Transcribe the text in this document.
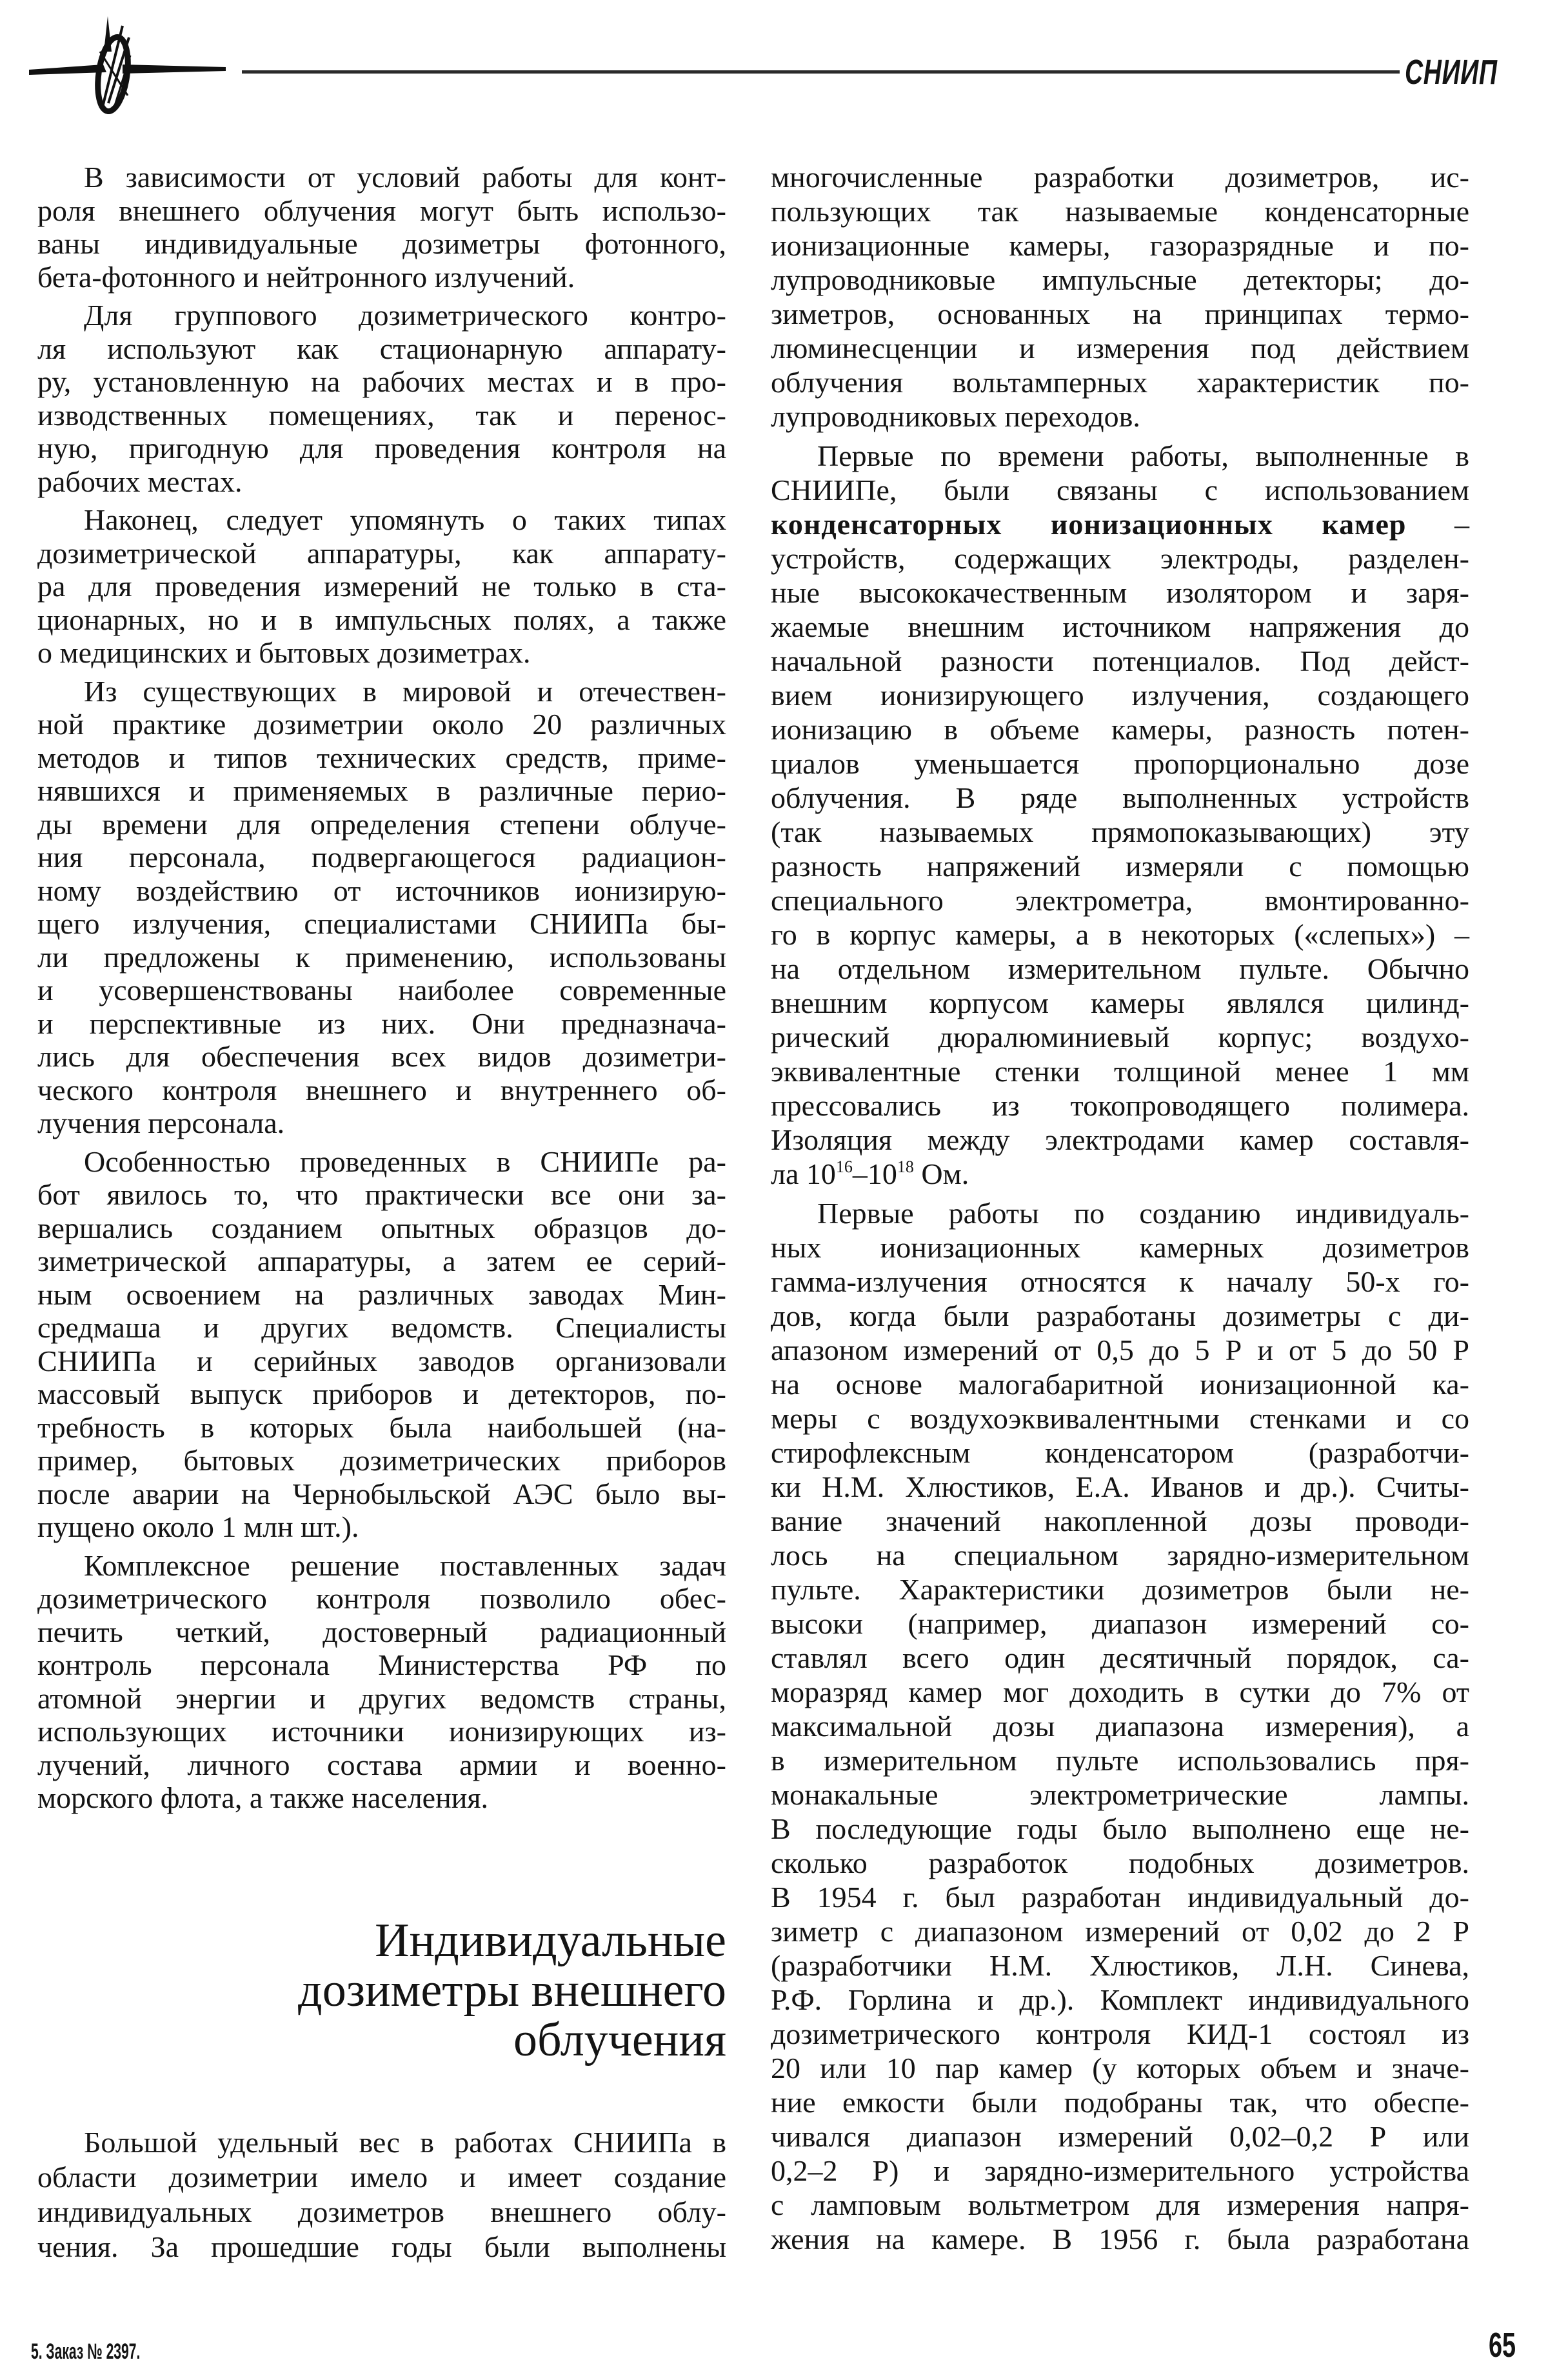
СНИИП
В зависимости от условий работы для конт-
роля внешнего облучения могут быть использо-
ваны индивидуальные дозиметры фотонного,
бета-фотонного и нейтронного излучений.
Для группового дозиметрического контро-
ля используют как стационарную аппарату-
ру, установленную на рабочих местах и в про-
изводственных помещениях, так и перенос-
ную, пригодную для проведения контроля на
рабочих местах.
Наконец, следует упомянуть о таких типах
дозиметрической аппаратуры, как аппарату-
ра для проведения измерений не только в ста-
ционарных, но и в импульсных полях, а также
о медицинских и бытовых дозиметрах.
Из существующих в мировой и отечествен-
ной практике дозиметрии около 20 различных
методов и типов технических средств, приме-
нявшихся и применяемых в различные перио-
ды времени для определения степени облуче-
ния персонала, подвергающегося радиацион-
ному воздействию от источников ионизирую-
щего излучения, специалистами СНИИПа бы-
ли предложены к применению, использованы
и усовершенствованы наиболее современные
и перспективные из них. Они предназнача-
лись для обеспечения всех видов дозиметри-
ческого контроля внешнего и внутреннего об-
лучения персонала.
Особенностью проведенных в СНИИПе ра-
бот явилось то, что практически все они за-
вершались созданием опытных образцов до-
зиметрической аппаратуры, а затем ее серий-
ным освоением на различных заводах Мин-
средмаша и других ведомств. Специалисты
СНИИПа и серийных заводов организовали
массовый выпуск приборов и детекторов, по-
требность в которых была наибольшей (на-
пример, бытовых дозиметрических приборов
после аварии на Чернобыльской АЭС было вы-
пущено около 1 млн шт.).
Комплексное решение поставленных задач
дозиметрического контроля позволило обес-
печить четкий, достоверный радиационный
контроль персонала Министерства РФ по
атомной энергии и других ведомств страны,
использующих источники ионизирующих из-
лучений, личного состава армии и военно-
морского флота, а также населения.
Индивидуальные
дозиметры внешнего
облучения
Большой удельный вес в работах СНИИПа в
области дозиметрии имело и имеет создание
индивидуальных дозиметров внешнего облу-
чения. За прошедшие годы были выполнены
многочисленные разработки дозиметров, ис-
пользующих так называемые конденсаторные
ионизационные камеры, газоразрядные и по-
лупроводниковые импульсные детекторы; до-
зиметров, основанных на принципах термо-
люминесценции и измерения под действием
облучения вольтамперных характеристик по-
лупроводниковых переходов.
Первые по времени работы, выполненные в
СНИИПе, были связаны с использованием
конденсаторных ионизационных камер –
устройств, содержащих электроды, разделен-
ные высококачественным изолятором и заря-
жаемые внешним источником напряжения до
начальной разности потенциалов. Под дейст-
вием ионизирующего излучения, создающего
ионизацию в объеме камеры, разность потен-
циалов уменьшается пропорционально дозе
облучения. В ряде выполненных устройств
(так называемых прямопоказывающих) эту
разность напряжений измеряли с помощью
специального электрометра, вмонтированно-
го в корпус камеры, а в некоторых («слепых») –
на отдельном измерительном пульте. Обычно
внешним корпусом камеры являлся цилинд-
рический дюралюминиевый корпус; воздухо-
эквивалентные стенки толщиной менее 1 мм
прессовались из токопроводящего полимера.
Изоляция между электродами камер составля-
ла $10^{16}-10^{18}$ Ом.
Первые работы по созданию индивидуаль-
ных ионизационных камерных дозиметров
гамма-излучения относятся к началу 50-х го-
дов, когда были разработаны дозиметры с ди-
апазоном измерений от 0,5 до 5 Р и от 5 до 50 Р
на основе малогабаритной ионизационной ка-
меры с воздухоэквивалентными стенками и со
стирофлексным конденсатором (разработчи-
ки Н.М. Хлюстиков, Е.А. Иванов и др.). Считы-
вание значений накопленной дозы проводи-
лось на специальном зарядно-измерительном
пульте. Характеристики дозиметров были не-
высоки (например, диапазон измерений со-
ставлял всего один десятичный порядок, са-
моразряд камер мог доходить в сутки до 7% от
максимальной дозы диапазона измерения), а
в измерительном пульте использовались пря-
монакальные электрометрические лампы.
В последующие годы было выполнено еще не-
сколько разработок подобных дозиметров.
В 1954 г. был разработан индивидуальный до-
зиметр с диапазоном измерений от 0,02 до 2 Р
(разработчики Н.М. Хлюстиков, Л.Н. Синева,
Р.Ф. Горлина и др.). Комплект индивидуального
дозиметрического контроля КИД-1 состоял из
20 или 10 пар камер (у которых объем и значе-
ние емкости были подобраны так, что обеспе-
чивался диапазон измерений 0,02–0,2 Р или
0,2–2 Р) и зарядно-измерительного устройства
с ламповым вольтметром для измерения напря-
жения на камере. В 1956 г. была разработана
5. Заказ № 2397.	65
